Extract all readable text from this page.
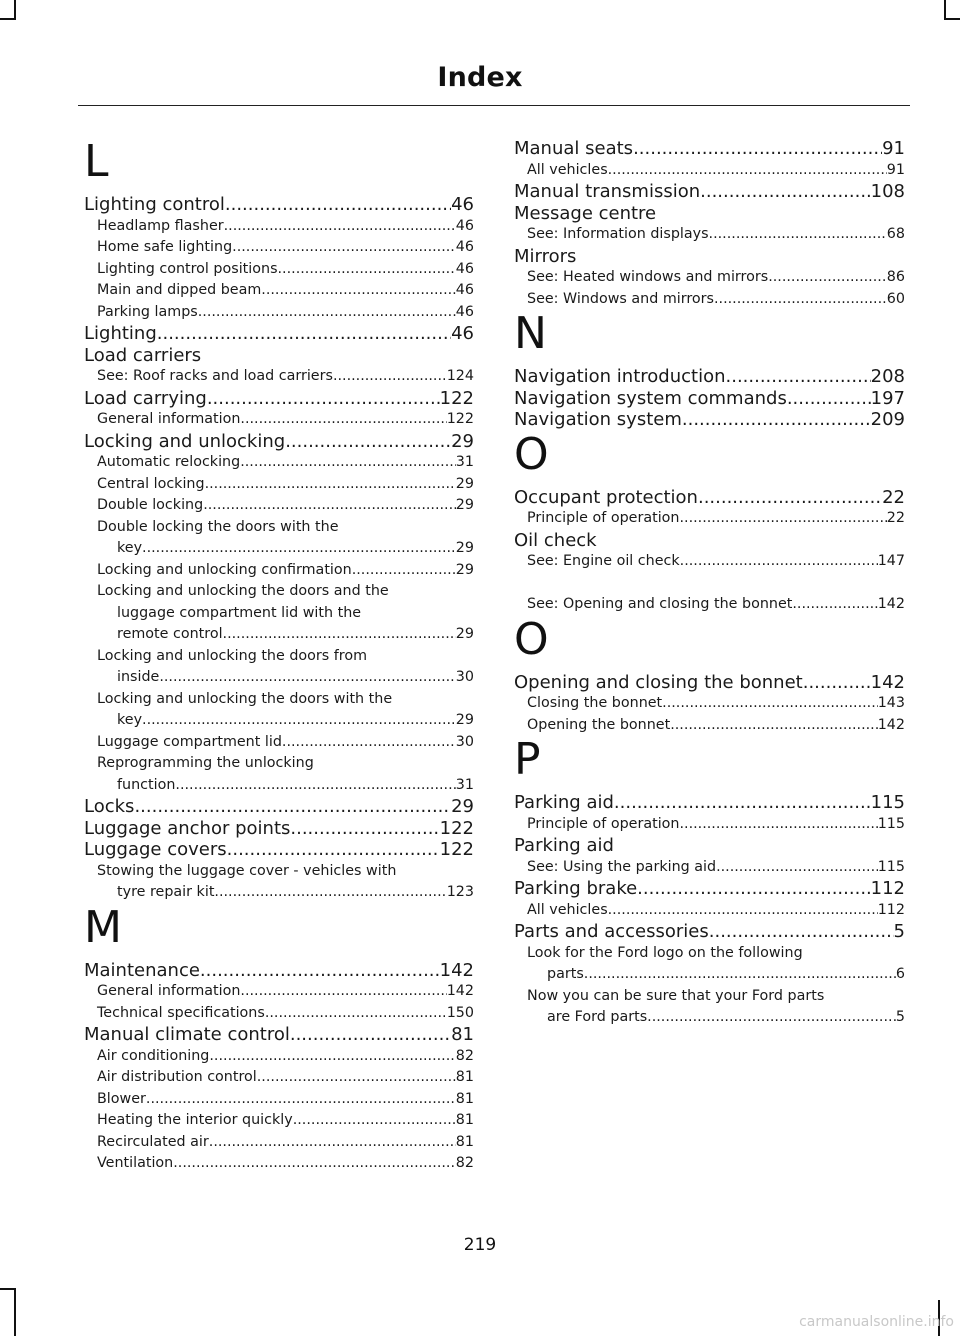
Index
L
Lighting control .....	46
Headlamp flasher .....	46
Home safe lighting .....	46
Lighting control positions .....	46
Main and dipped beam .....	46
Parking lamps .....	46
Lighting .....	46
Load carriers
See: Roof racks and load carriers .....	124
Load carrying .....	122
General information .....	122
Locking and unlocking .....	29
Automatic relocking .....	31
Central locking .....	29
Double locking .....	29
Double locking the doors with the
key .....	29
Locking and unlocking confirmation .....	29
Locking and unlocking the doors and the
luggage compartment lid with the
remote control .....	29
Locking and unlocking the doors from
inside .....	30
Locking and unlocking the doors with the
key .....	29
Luggage compartment lid .....	30
Reprogramming the unlocking
function .....	31
Locks .....	29
Luggage anchor points .....	122
Luggage covers .....	122
Stowing the luggage cover - vehicles with
tyre repair kit .....	123
M
Maintenance .....	142
General information .....	142
Technical specifications .....	150
Manual climate control .....	81
Air conditioning .....	82
Air distribution control .....	81
Blower .....	81
Heating the interior quickly .....	81
Recirculated air .....	81
Ventilation .....	82
Manual seats .....	91
All vehicles .....	91
Manual transmission .....	108
Message centre
See: Information displays .....	68
Mirrors
See: Heated windows and mirrors .....	86
See: Windows and mirrors .....	60
N
Navigation introduction .....	208
Navigation system commands .....	197
Navigation system .....	209
O
Occupant protection .....	22
Principle of operation .....	22
Oil check
See: Engine oil check .....	147
See: Opening and closing the bonnet .....	142
O
Opening and closing the bonnet .....	142
Closing the bonnet .....	143
Opening the bonnet .....	142
P
Parking aid .....	115
Principle of operation .....	115
Parking aid
See: Using the parking aid .....	115
Parking brake .....	112
All vehicles .....	112
Parts and accessories .....	5
Look for the Ford logo on the following
parts .....	6
Now you can be sure that your Ford parts
are Ford parts .....	5
219
carmanualsonline.info
